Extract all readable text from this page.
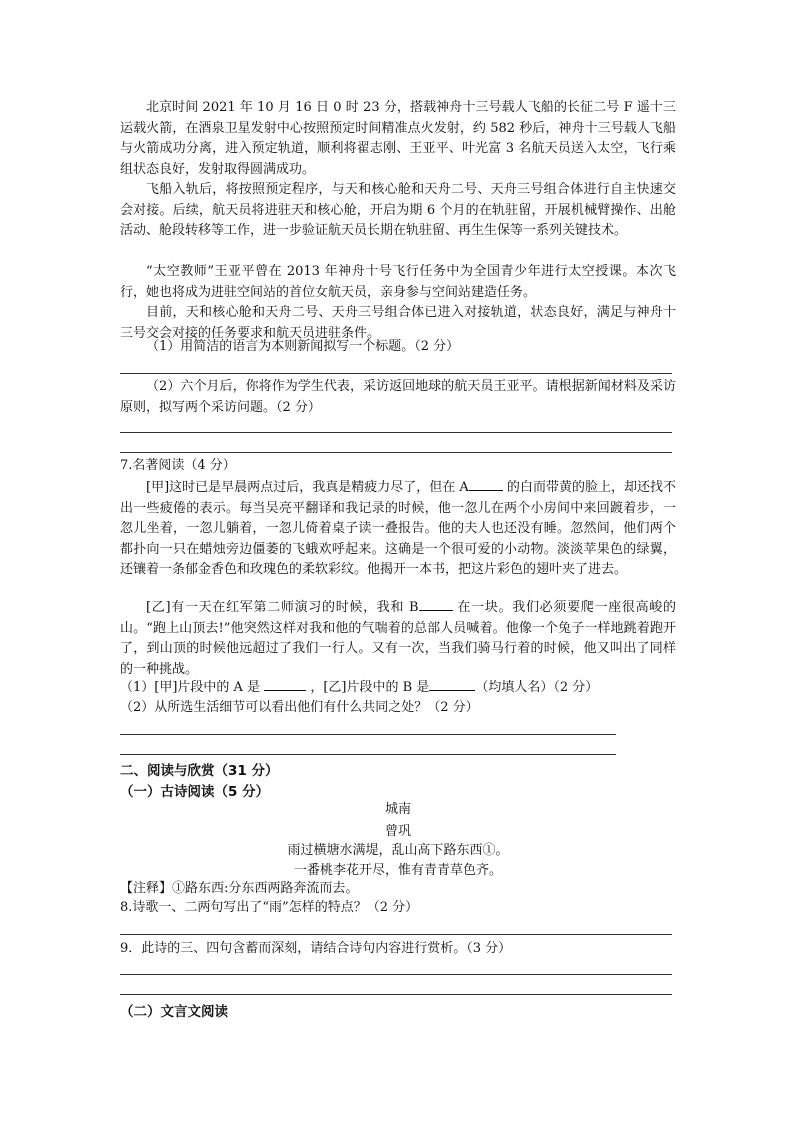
北京时间 2021 年 10 月 16 日 0 时 23 分，搭载神舟十三号载人飞船的长征二号 F 遥十三运载火箭，在酒泉卫星发射中心按照预定时间精准点火发射，约 582 秒后，神舟十三号载人飞船与火箭成功分离，进入预定轨道，顺利将翟志刚、王亚平、叶光富 3 名航天员送入太空，飞行乘组状态良好，发射取得圆满成功。

飞船入轨后，将按照预定程序，与天和核心舱和天舟二号、天舟三号组合体进行自主快速交会对接。后续，航天员将进驻天和核心舱，开启为期 6 个月的在轨驻留，开展机械臂操作、出舱活动、舱段转移等工作，进一步验证航天员长期在轨驻留、再生生保等一系列关键技术。

“太空教师”王亚平曾在 2013 年神舟十号飞行任务中为全国青少年进行太空授课。本次飞行，她也将成为进驻空间站的首位女航天员，亲身参与空间站建造任务。

目前，天和核心舱和天舟二号、天舟三号组合体已进入对接轨道，状态良好，满足与神舟十三号交会对接的任务要求和航天员进驻条件。

（1）用简洁的语言为本则新闻拟写一个标题。（2 分）

（2）六个月后，你将作为学生代表，采访返回地球的航天员王亚平。请根据新闻材料及采访原则，拟写两个采访问题。（2 分）

7.名著阅读（4 分）

[甲]这时已是早晨两点过后，我真是精疲力尽了，但在 A	的白而带黄的脸上，却还找不出一些疲倦的表示。每当吴亮平翻译和我记录的时候，他一忽儿在两个小房间中来回踱着步，一忽儿坐着，一忽儿躺着，一忽儿倚着桌子读一叠报告。他的夫人也还没有睡。忽然间，他们两个都扑向一只在蜡烛旁边僵萎的飞蛾欢呼起来。这确是一个很可爱的小动物。淡淡苹果色的绿翼，还镶着一条郁金香色和玫瑰色的柔软彩纹。他揭开一本书，把这片彩色的翅叶夹了进去。

[乙]有一天在红军第二师演习的时候，我和 B	在一块。我们必须要爬一座很高峻的山。“跑上山顶去!”他突然这样对我和他的气喘着的总部人员喊着。他像一个兔子一样地跳着跑开了，到山顶的时候他远超过了我们一行人。又有一次，当我们骑马行着的时候，他又叫出了同样的一种挑战。

（1）[甲]片段中的 A 是	，[乙]片段中的 B 是	（均填人名）（2 分）

（2）从所选生活细节可以看出他们有什么共同之处？（2 分）

二、阅读与欣赏（31 分）

（一）古诗阅读（5 分）

城南

曾巩

雨过横塘水满堤，乱山高下路东西①。

一番桃李花开尽，惟有青青草色齐。

【注释】①路东西:分东西两路奔流而去。

8.诗歌一、二两句写出了“雨”怎样的特点？（2 分）

9．此诗的三、四句含蓄而深刻，请结合诗句内容进行赏析。（3 分）

（二）文言文阅读
